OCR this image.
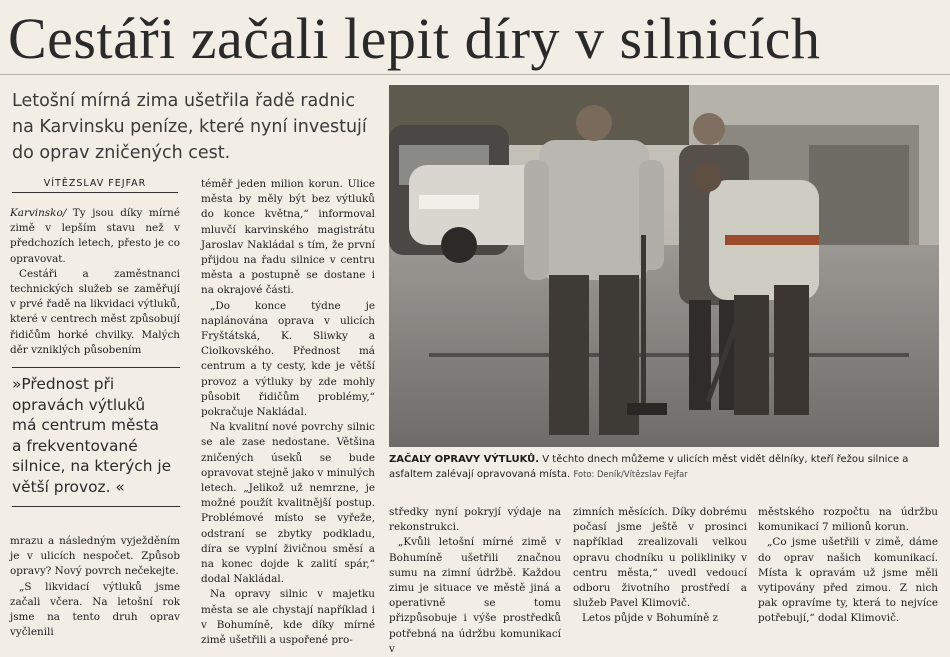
Cestáři začali lepit díry v silnicích

Letošní mírná zima ušetřila řadě radnic na Karvinsku peníze, které nyní investují do oprav zničených cest.

VÍTĚZSLAV FEJFAR

Karvinsko/ Ty jsou díky mírné zimě v lepším stavu než v předchozích letech, přesto je co opravovat.

Cestáři a zaměstnanci technických služeb se zaměřují v prvé řadě na likvidaci výtluků, které v centrech měst způsobují řidičům horké chvilky. Malých děr vzniklých působením

»Přednost při
opravách výtluků
má centrum města
a frekventované
silnice, na kterých je
větší provoz. «

mrazu a následným vyježděním je v ulicích nespočet. Způsob opravy? Nový povrch nečekejte.

„S likvidací výtluků jsme začali včera. Na letošní rok jsme na tento druh oprav vyčlenili

téměř jeden milion korun. Ulice města by měly být bez výtluků do konce května,“ informoval mluvčí karvinského magistrátu Jaroslav Nakládal s tím, že první přijdou na řadu silnice v centru města a postupně se dostane i na okrajové části.

„Do konce týdne je naplánována oprava v ulicích Fryštátská, K. Sliwky a Ciolkovského. Přednost má centrum a ty cesty, kde je větší provoz a výtluky by zde mohly působit řidičům problémy,“ pokračuje Nakládal.

Na kvalitní nové povrchy silnic se ale zase nedostane. Většina zničených úseků se bude opravovat stejně jako v minulých letech. „Jelikož už nemrzne, je možné použít kvalitnější postup. Problémové místo se vyřeže, odstraní se zbytky podkladu, díra se vyplní živičnou směsí a na konec dojde k zalití spár,“ dodal Nakládal.

Na opravy silnic v majetku města se ale chystají například i v Bohumíně, kde díky mírné zimě ušetřili a uspořené pro-

ZAČALY OPRAVY VÝTLUKŮ. V těchto dnech můžeme v ulicích měst vidět dělníky, kteří řežou silnice a asfaltem zalévají opravovaná místa. Foto: Deník/Vítězslav Fejfar

středky nyní pokryjí výdaje na rekonstrukci.

„Kvůli letošní mírné zimě v Bohumíně ušetřili značnou sumu na zimní údržbě. Každou zimu je situace ve městě jiná a operativně se tomu přizpůsobuje i výše prostředků potřebná na údržbu komunikací v

zimních měsících. Díky dobrému počasí jsme ještě v prosinci například zrealizovali velkou opravu chodníku u polikliniky v centru města,“ uvedl vedoucí odboru životního prostředí a služeb Pavel Klimovič.

Letos půjde v Bohumíně z

městského rozpočtu na údržbu komunikací 7 milionů korun.

„Co jsme ušetřili v zimě, dáme do oprav našich komunikací. Místa k opravám už jsme měli vytipovány před zimou. Z nich pak opravíme ty, která to nejvíce potřebují,“ dodal Klimovič.
